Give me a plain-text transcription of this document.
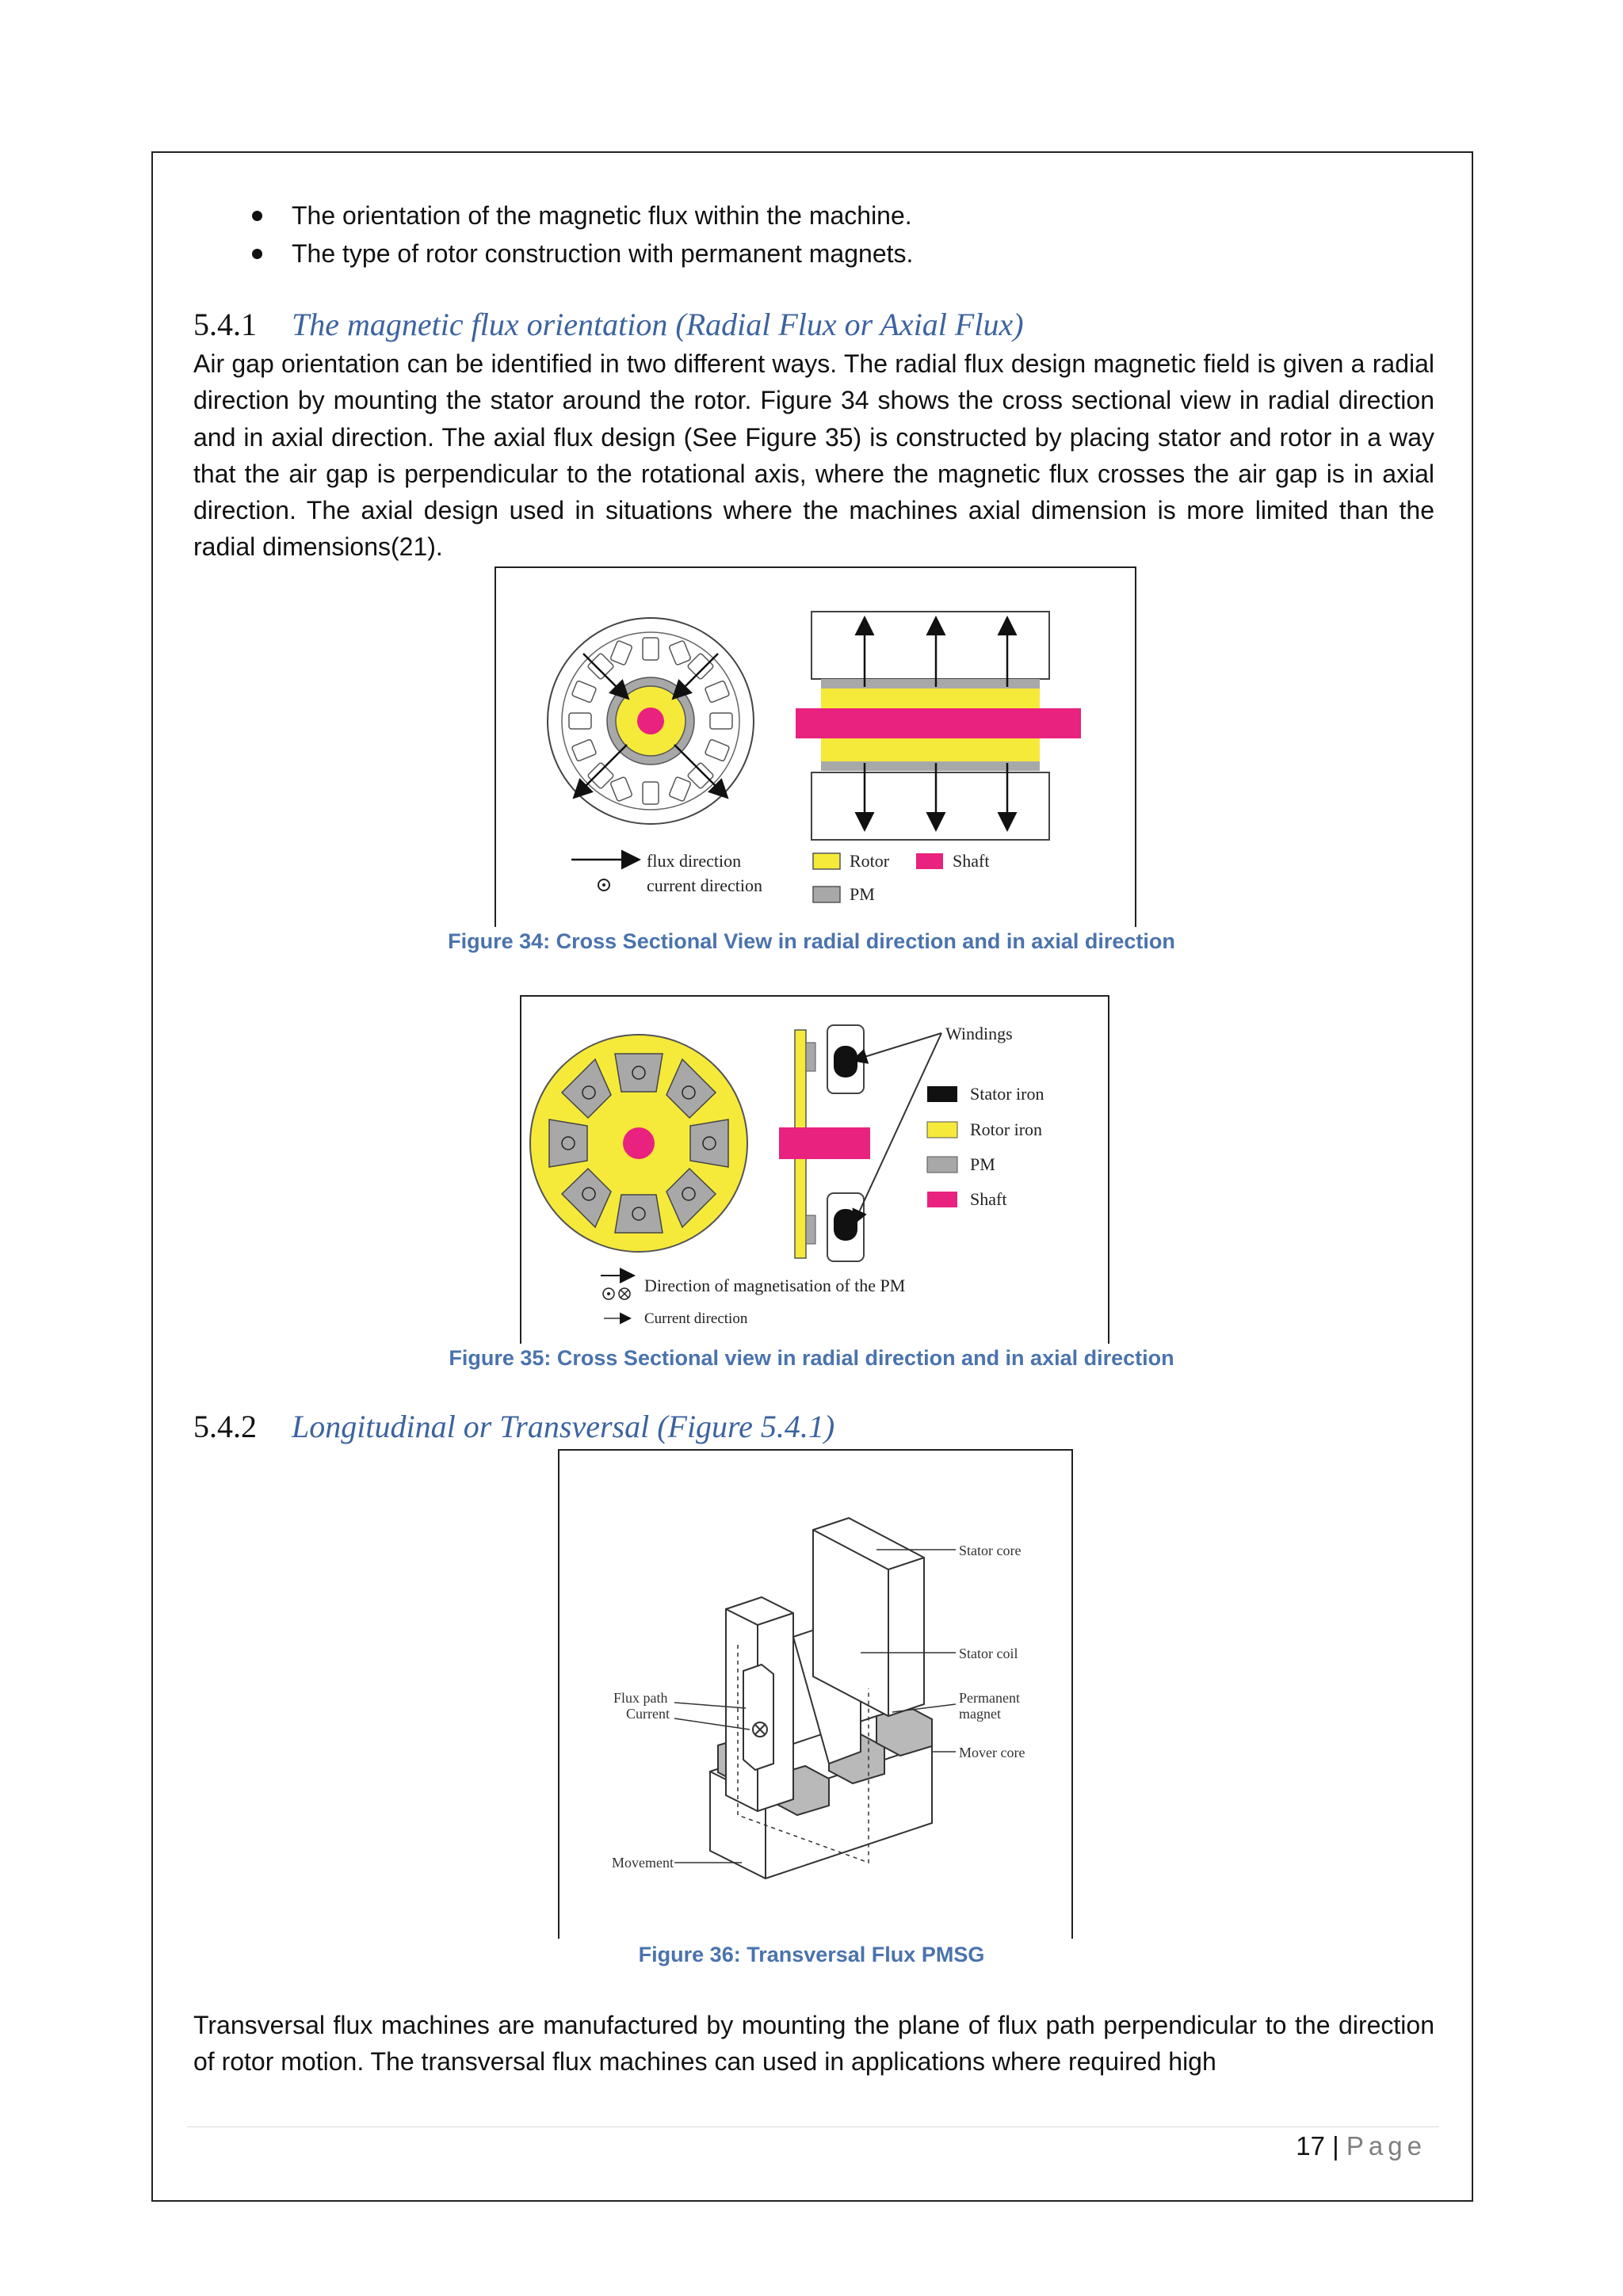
The orientation of the magnetic flux within the machine.
The type of rotor construction with permanent magnets.
5.4.1 The magnetic flux orientation (Radial Flux or Axial Flux)

Air gap orientation can be identified in two different ways. The radial flux design magnetic field is given a radial direction by mounting the stator around the rotor. Figure 34 shows the cross sectional view in radial direction and in axial direction. The axial flux design (See Figure 35) is constructed by placing stator and rotor in a way that the air gap is perpendicular to the rotational axis, where the magnetic flux crosses the air gap is in axial direction. The axial design used in situations where the machines axial dimension is more limited than the radial dimensions(21).

flux direction
current direction
Rotor	Shaft
PM
Figure 34: Cross Sectional View in radial direction and in axial direction
Windings
Stator iron
Rotor iron
PM
Shaft
Direction of magnetisation of the PM
Current direction
Figure 35: Cross Sectional view in radial direction and in axial direction
5.4.2 Longitudinal or Transversal (Figure 5.4.1)
Stator core
Stator coil
Permanent
magnet
Mover core
Flux path
Current
Movement
Figure 36: Transversal Flux PMSG

Transversal flux machines are manufactured by mounting the plane of flux path perpendicular to the direction of rotor motion. The transversal flux machines can used in applications where required high

17 | Page
